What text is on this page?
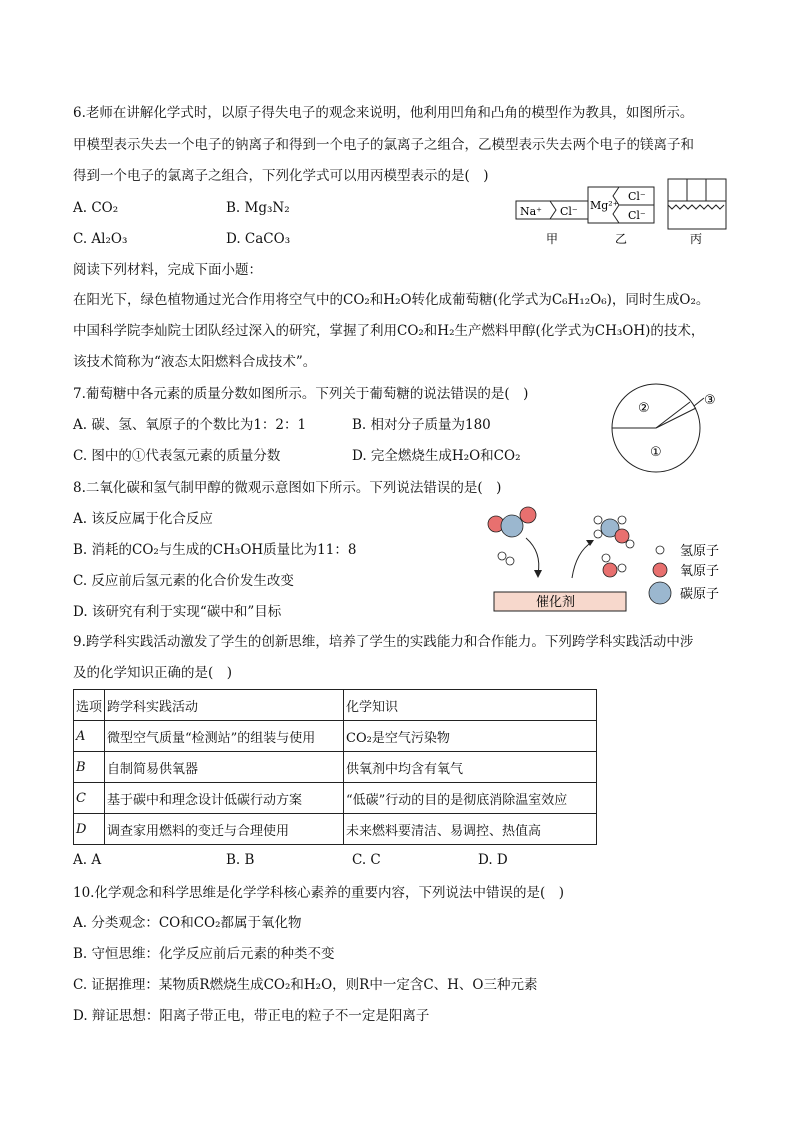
6.老师在讲解化学式时，以原子得失电子的观念来说明，他利用凹角和凸角的模型作为教具，如图所示。
甲模型表示失去一个电子的钠离子和得到一个电子的氯离子之组合，乙模型表示失去两个电子的镁离子和
得到一个电子的氯离子之组合，下列化学式可以用丙模型表示的是(　)
A. CO₂	B. Mg₃N₂
C. Al₂O₃	D. CaCO₃
Na⁺ Cl⁻
甲
Mg²⁺
Cl⁻
Cl⁻
乙	丙
阅读下列材料，完成下面小题：
在阳光下，绿色植物通过光合作用将空气中的CO₂和H₂O转化成葡萄糖(化学式为C₆H₁₂O₆)，同时生成O₂。
中国科学院李灿院士团队经过深入的研究，掌握了利用CO₂和H₂生产燃料甲醇(化学式为CH₃OH)的技术，
该技术简称为“液态太阳燃料合成技术”。
7.葡萄糖中各元素的质量分数如图所示。下列关于葡萄糖的说法错误的是(　)
A. 碳、氢、氧原子的个数比为1：2：1	B. 相对分子质量为180
C. 图中的①代表氢元素的质量分数	D. 完全燃烧生成H₂O和CO₂
②
①
③
8.二氧化碳和氢气制甲醇的微观示意图如下所示。下列说法错误的是(　)
A. 该反应属于化合反应
B. 消耗的CO₂与生成的CH₃OH质量比为11：8
C. 反应前后氢元素的化合价发生改变
D. 该研究有利于实现“碳中和”目标
催化剂
氢原子
氧原子
碳原子
9.跨学科实践活动激发了学生的创新思维，培养了学生的实践能力和合作能力。下列跨学科实践活动中涉
及的化学知识正确的是(　)
选项	跨学科实践活动	化学知识
A	微型空气质量“检测站”的组装与使用	CO₂是空气污染物
B	自制简易供氧器	供氧剂中均含有氧气
C	基于碳中和理念设计低碳行动方案	“低碳”行动的目的是彻底消除温室效应
D	调查家用燃料的变迁与合理使用	未来燃料要清洁、易调控、热值高
A. A	B. B	C. C	D. D
10.化学观念和科学思维是化学学科核心素养的重要内容，下列说法中错误的是(　)
A. 分类观念：CO和CO₂都属于氧化物
B. 守恒思维：化学反应前后元素的种类不变
C. 证据推理：某物质R燃烧生成CO₂和H₂O，则R中一定含C、H、O三种元素
D. 辩证思想：阳离子带正电，带正电的粒子不一定是阳离子
